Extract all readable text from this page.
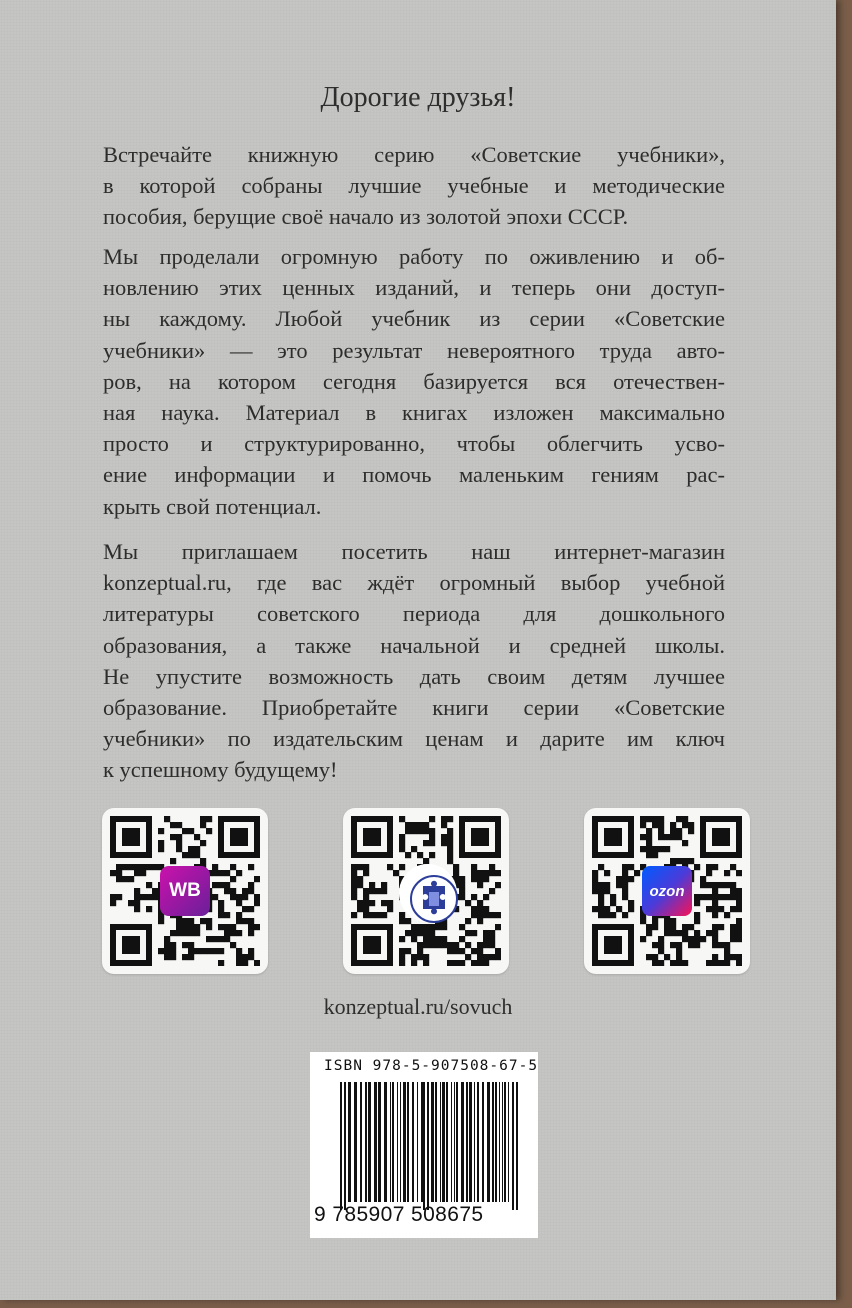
Дорогие друзья!

Встречайте книжную серию «Советские учебники»,
в которой собраны лучшие учебные и методические
пособия, берущие своё начало из золотой эпохи СССР.

Мы проделали огромную работу по оживлению и об-
новлению этих ценных изданий, и теперь они доступ-
ны каждому. Любой учебник из серии «Советские
учебники» — это результат невероятного труда авто-
ров, на котором сегодня базируется вся отечествен-
ная наука. Материал в книгах изложен максимально
просто и структурированно, чтобы облегчить усво-
ение информации и помочь маленьким гениям рас-
крыть свой потенциал.

Мы приглашаем посетить наш интернет-магазин
konzeptual.ru, где вас ждёт огромный выбор учебной
литературы советского периода для дошкольного
образования, а также начальной и средней школы.
Не упустите возможность дать своим детям лучшее
образование. Приобретайте книги серии «Советские
учебники» по издательским ценам и дарите им ключ
к успешному будущему!

WB	ozon
konzeptual.ru/sovuch
ISBN 978-5-907508-67-5
9 785907 508675
